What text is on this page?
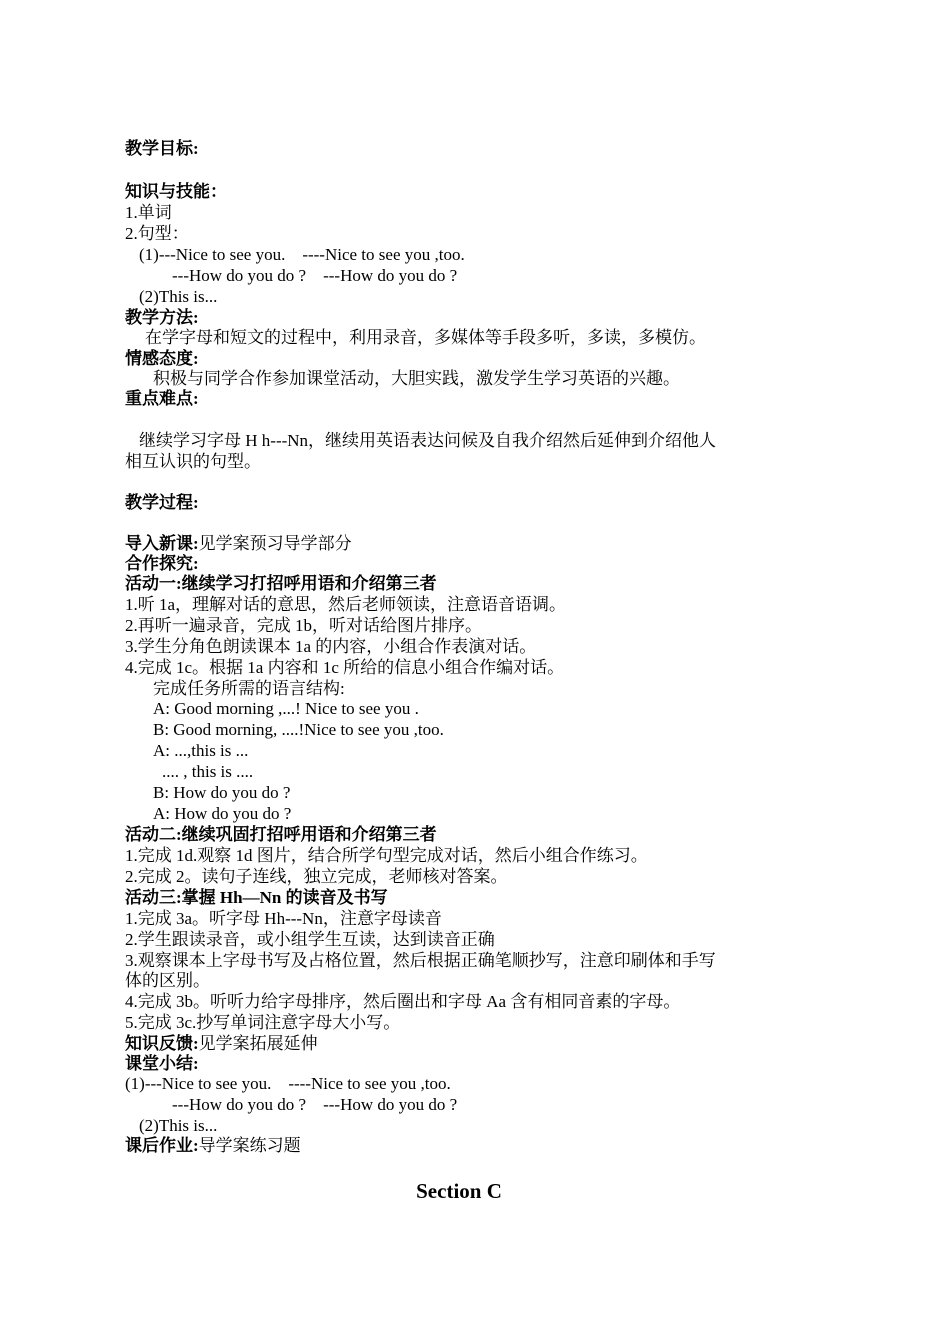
教学目标:
知识与技能：
1.单词
2.句型：
(1)---Nice to see you.    ----Nice to see you ,too.
---How do you do ?    ---How do you do ?
(2)This is...
教学方法:
在学字母和短文的过程中，利用录音，多媒体等手段多听，多读，多模仿。
情感态度:
积极与同学合作参加课堂活动，大胆实践，激发学生学习英语的兴趣。
重点难点:
继续学习字母 H h---Nn，继续用英语表达问候及自我介绍然后延伸到介绍他人
相互认识的句型。
教学过程:
导入新课:见学案预习导学部分
合作探究:
活动一:继续学习打招呼用语和介绍第三者
1.听 1a，理解对话的意思，然后老师领读，注意语音语调。
2.再听一遍录音，完成 1b，听对话给图片排序。
3.学生分角色朗读课本 1a 的内容，小组合作表演对话。
4.完成 1c。根据 1a 内容和 1c 所给的信息小组合作编对话。
完成任务所需的语言结构:
A: Good morning ,...! Nice to see you .
B: Good morning, ....!Nice to see you ,too.
A: ...,this is ...
.... , this is ....
B: How do you do ?
A: How do you do ?
活动二:继续巩固打招呼用语和介绍第三者
1.完成 1d.观察 1d 图片，结合所学句型完成对话，然后小组合作练习。
2.完成 2。读句子连线，独立完成，老师核对答案。
活动三:掌握 Hh—Nn 的读音及书写
1.完成 3a。听字母 Hh---Nn，注意字母读音
2.学生跟读录音，或小组学生互读，达到读音正确
3.观察课本上字母书写及占格位置，然后根据正确笔顺抄写，注意印刷体和手写
体的区别。
4.完成 3b。听听力给字母排序，然后圈出和字母 Aa 含有相同音素的字母。
5.完成 3c.抄写单词注意字母大小写。
知识反馈:见学案拓展延伸
课堂小结:
(1)---Nice to see you.    ----Nice to see you ,too.
---How do you do ?    ---How do you do ?
(2)This is...
课后作业:导学案练习题
Section C
